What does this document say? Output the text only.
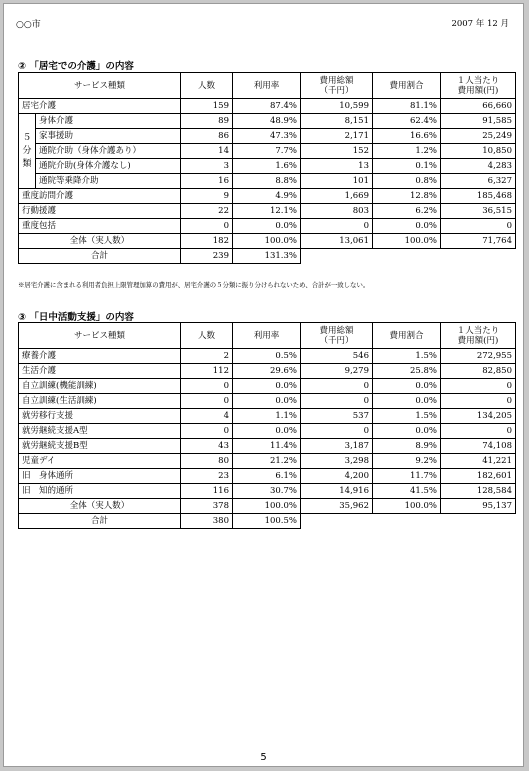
○○市	2007 年 12 月
② 「居宅での介護」の内容
サービス種類		人数	利用率	費用総額
（千円）	費用割合	１人当たり
費用額(円)
居宅介護		159	87.4%	10,599	81.1%	66,660

５
分
類	身体介護	89	48.9%	8,151	62.4%	91,585
	家事援助	86	47.3%	2,171	16.6%	25,249
	通院介助（身体介護あり）	14	7.7%	152	1.2%	10,850
	通院介助(身体介護なし)	3	1.6%	13	0.1%	4,283
	通院等乗降介助	16	8.8%	101	0.8%	6,327
重度訪問介護		9	4.9%	1,669	12.8%	185,468
行動援護		22	12.1%	803	6.2%	36,515
重度包括		0	0.0%	0	0.0%	0
全体（実人数）		182	100.0%	13,061	100.0%	71,764
合計		239	131.3%			
※居宅介護に含まれる利用者負担上限管理加算の費用が、居宅介護の５分類に振り分けられないため、合計が一致しない。
③ 「日中活動支援」の内容
サービス種類	人数	利用率	費用総額
（千円）	費用割合	１人当たり
費用額(円)
療養介護	2	0.5%	546	1.5%	272,955
生活介護	112	29.6%	9,279	25.8%	82,850
自立訓練(機能訓練)	0	0.0%	0	0.0%	0
自立訓練(生活訓練)	0	0.0%	0	0.0%	0
就労移行支援	4	1.1%	537	1.5%	134,205
就労継続支援A型	0	0.0%	0	0.0%	0
就労継続支援B型	43	11.4%	3,187	8.9%	74,108
児童デイ	80	21.2%	3,298	9.2%	41,221
旧　身体通所	23	6.1%	4,200	11.7%	182,601
旧　知的通所	116	30.7%	14,916	41.5%	128,584
全体（実人数）	378	100.0%	35,962	100.0%	95,137
合計	380	100.5%			
5
